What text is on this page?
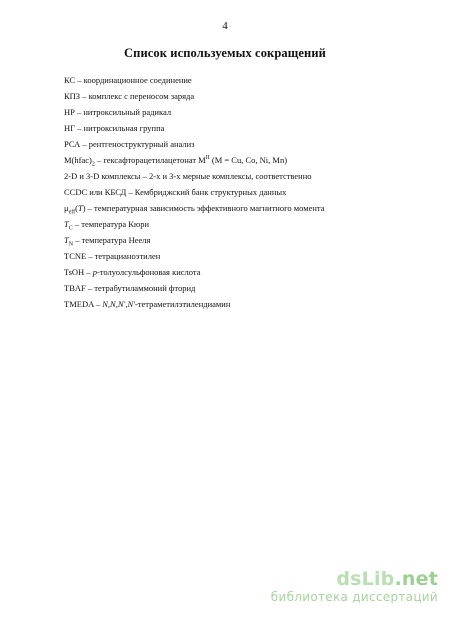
4
Список используемых сокращений
КС – координационное соединение
КПЗ – комплекс с переносом заряда
НР – нитроксильный радикал
НГ – нитроксильная группа
РСА – рентгеноструктурный анализ
$M(hfac)_2$ – гексафторацетилацетонат $M^{II}$ (M = Cu, Co, Ni, Mn)
2-D и 3-D комплексы – 2-х и 3-х мерные комплексы, соответственно
CCDC или КБСД – Кембриджский банк структурных данных
$\mu_{eff}(T)$ – температурная зависимость эффективного магнитного момента
$T_C$ – температура Кюри
$T_N$ – температура Нееля
TCNE – тетрацианоэтилен
TsOH – p-толуолсульфоновая кислота
TBAF – тетрабутиламмоний фторид
TMEDA – N,N,N',N'-тетраметилэтилендиамин
dsLib.net
библиотека диссертаций
